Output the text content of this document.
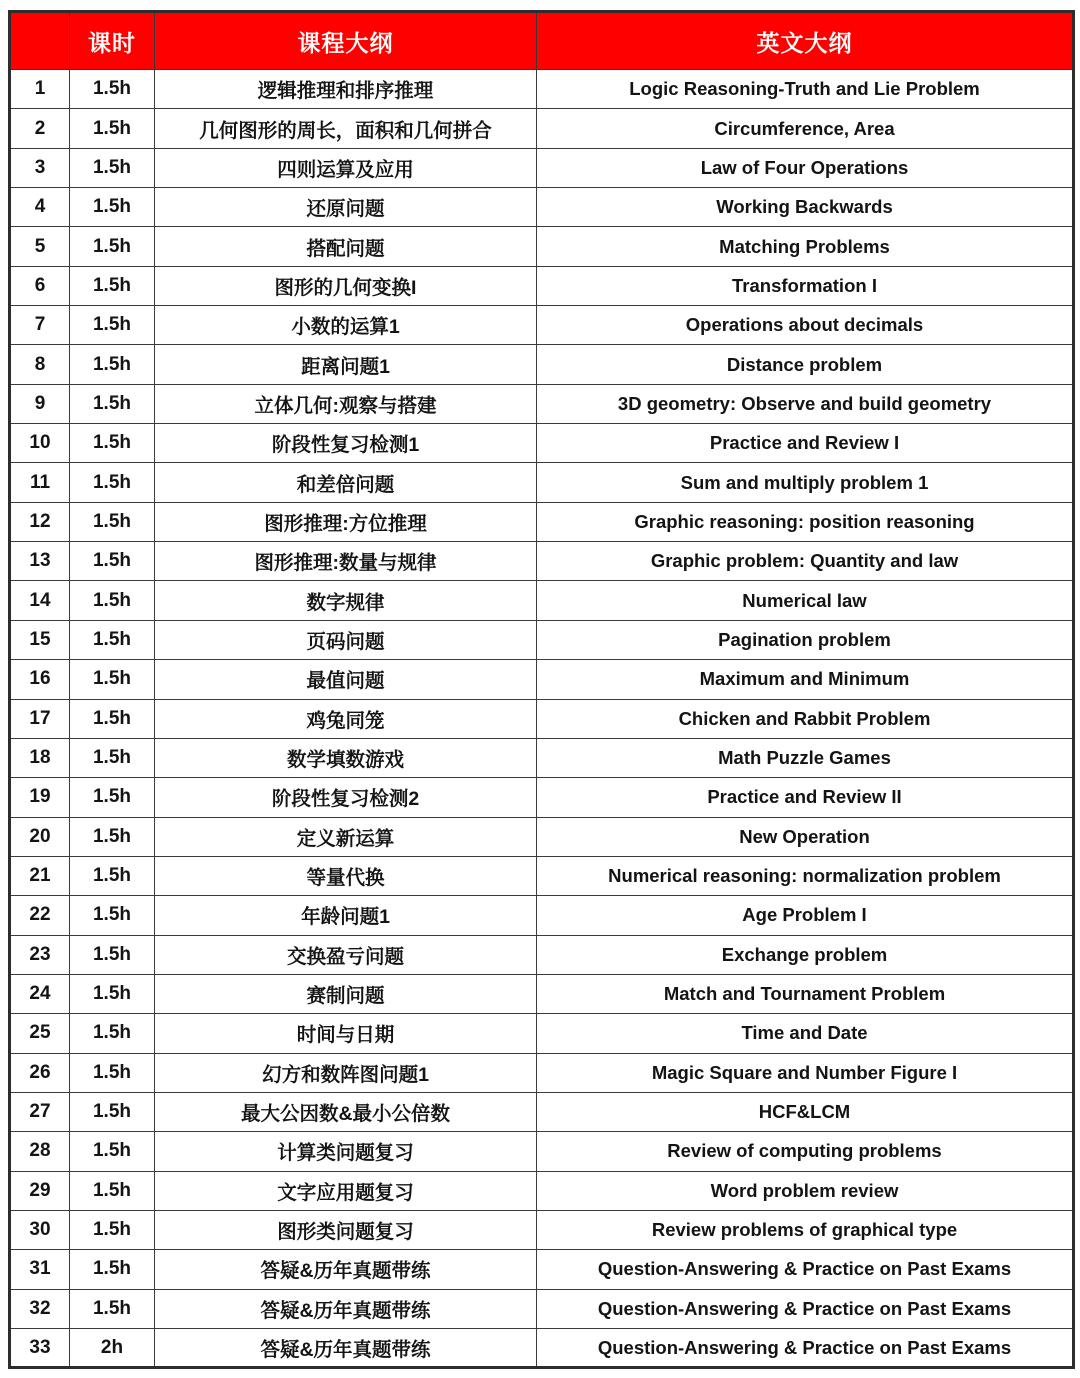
	课时	课程大纲	英文大纲
1	1.5h	逻辑推理和排序推理	Logic Reasoning-Truth and Lie Problem
2	1.5h	几何图形的周长，面积和几何拼合	Circumference, Area
3	1.5h	四则运算及应用	Law of Four Operations
4	1.5h	还原问题	Working Backwards
5	1.5h	搭配问题	Matching Problems
6	1.5h	图形的几何变换I	Transformation I
7	1.5h	小数的运算1	Operations about decimals
8	1.5h	距离问题1	Distance problem
9	1.5h	立体几何:观察与搭建	3D geometry: Observe and build geometry
10	1.5h	阶段性复习检测1	Practice and Review I
11	1.5h	和差倍问题	Sum and multiply problem 1
12	1.5h	图形推理:方位推理	Graphic reasoning: position reasoning
13	1.5h	图形推理:数量与规律	Graphic problem: Quantity and law
14	1.5h	数字规律	Numerical law
15	1.5h	页码问题	Pagination problem
16	1.5h	最值问题	Maximum and Minimum
17	1.5h	鸡兔同笼	Chicken and Rabbit Problem
18	1.5h	数学填数游戏	Math Puzzle Games
19	1.5h	阶段性复习检测2	Practice and Review II
20	1.5h	定义新运算	New Operation
21	1.5h	等量代换	Numerical reasoning: normalization problem
22	1.5h	年龄问题1	Age Problem I
23	1.5h	交换盈亏问题	Exchange problem
24	1.5h	赛制问题	Match and Tournament Problem
25	1.5h	时间与日期	Time and Date
26	1.5h	幻方和数阵图问题1	Magic Square and Number Figure I
27	1.5h	最大公因数&最小公倍数	HCF&LCM
28	1.5h	计算类问题复习	Review of computing problems
29	1.5h	文字应用题复习	Word problem review
30	1.5h	图形类问题复习	Review problems of graphical type
31	1.5h	答疑&历年真题带练	Question-Answering & Practice on Past Exams
32	1.5h	答疑&历年真题带练	Question-Answering & Practice on Past Exams
33	2h	答疑&历年真题带练	Question-Answering & Practice on Past Exams
